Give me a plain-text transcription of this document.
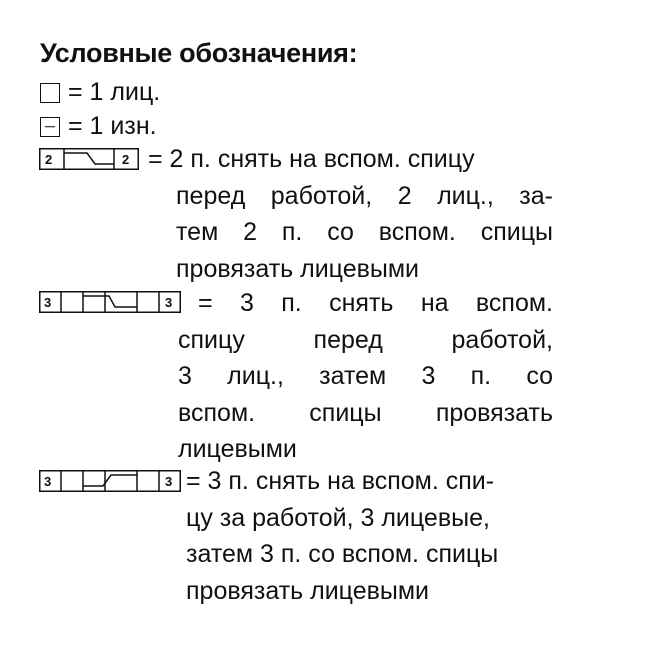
Условные обозначения:
= 1 лиц.
= 1 изн.
2	2 = 2 п. снять на вспом. спицу
перед работой, 2 лиц., за-
тем 2 п. со вспом. спицы
провязать лицевыми
3	3 = 3 п. снять на вспом.
спицу перед работой,
3 лиц., затем 3 п. со
вспом. спицы провязать
лицевыми
3	3 = 3 п. снять на вспом. спи-
цу за работой, 3 лицевые,
затем 3 п. со вспом. спицы
провязать лицевыми
